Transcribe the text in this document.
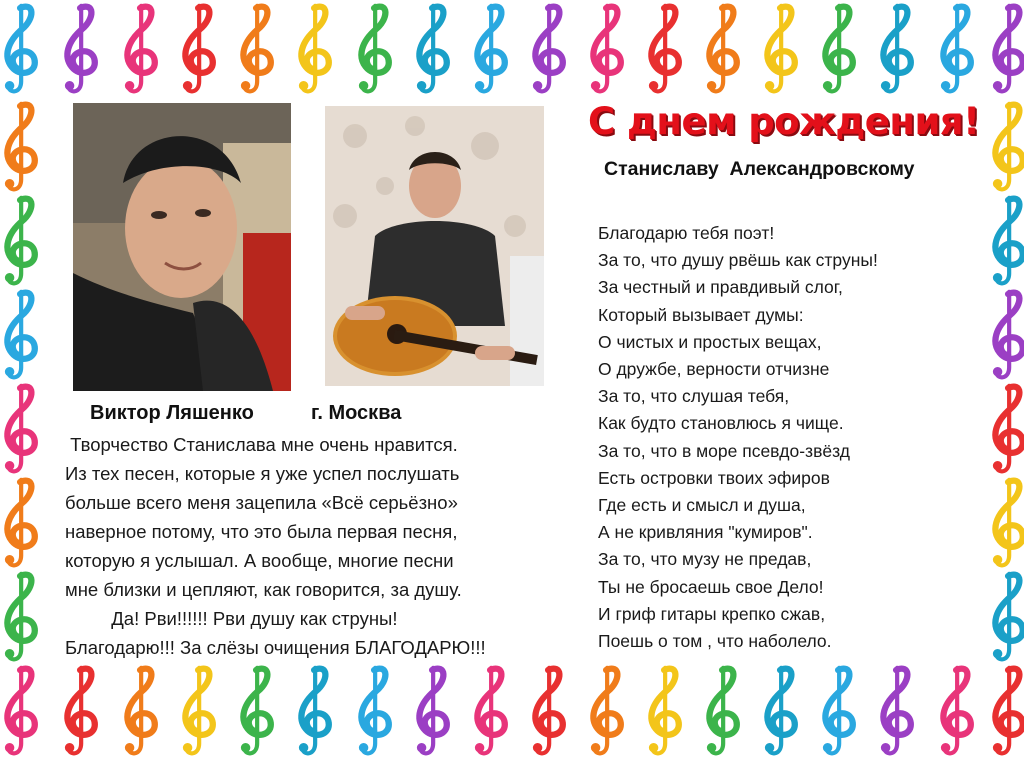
Виктор Ляшенко	г. Москва
Творчество Станислава мне очень нравится.
Из тех песен, которые я уже успел послушать
больше всего меня зацепила «Всё серьёзно»
наверное потому, что это была первая песня,
которую я услышал. А вообще, многие песни
мне близки и цепляют, как говорится, за душу.
Да! Рви!!!!!! Рви душу как струны!
Благодарю!!! За слёзы очищения БЛАГОДАРЮ!!!
С днем рождения!
Станиславу  Александровскому
Благодарю тебя поэт!
За то, что душу рвёшь как струны!
За честный и правдивый слог,
Который вызывает думы:
О чистых и простых вещах,
О дружбе, верности отчизне
За то, что слушая тебя,
Как будто становлюсь я чище.
За то, что в море псевдо-звёзд
Есть островки твоих эфиров
Где есть и смысл и душа,
А не кривляния "кумиров".
За то, что музу не предав,
Ты не бросаешь свое Дело!
И гриф гитары крепко сжав,
Поешь о том , что наболело.
